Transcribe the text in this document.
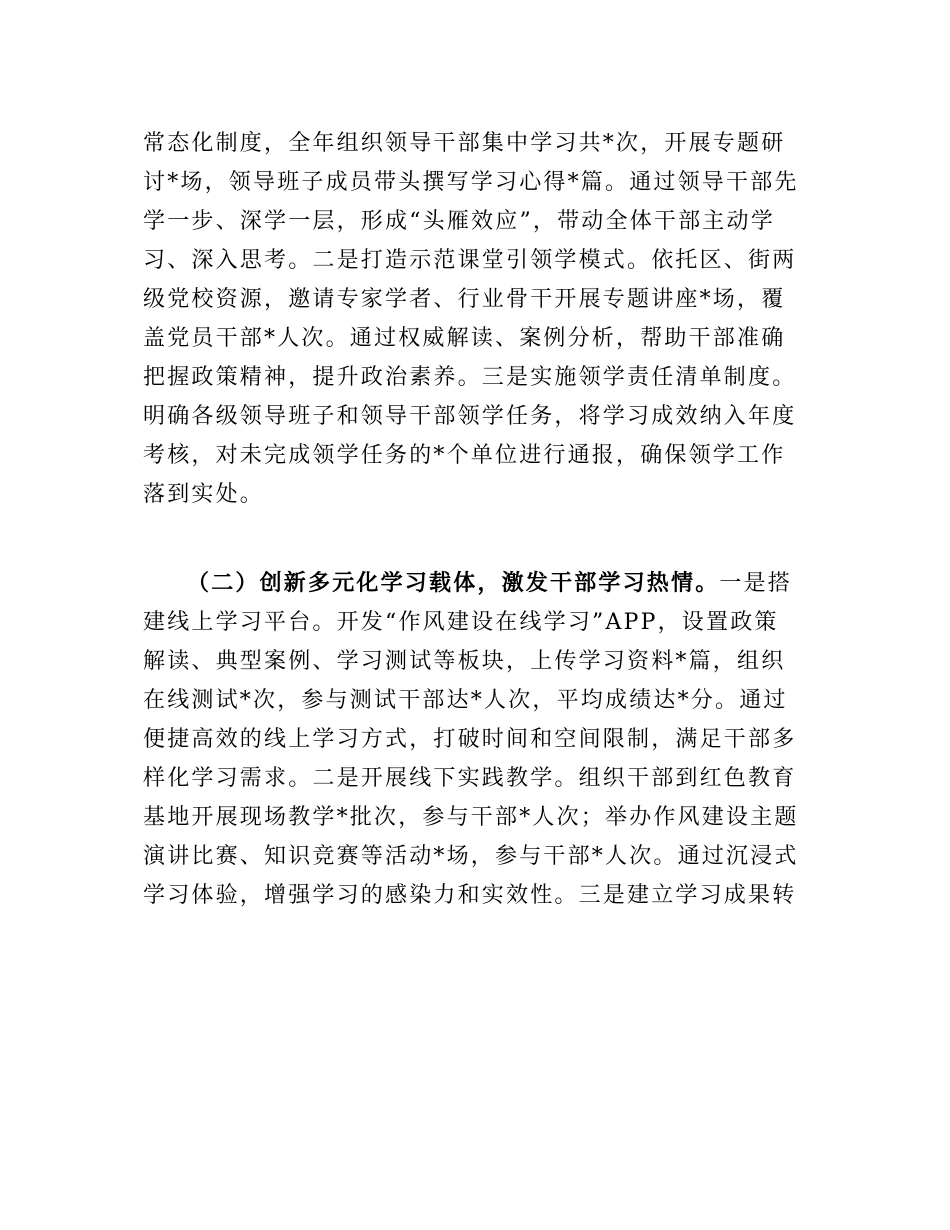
常态化制度，全年组织领导干部集中学习共*次，开展专题研
讨*场，领导班子成员带头撰写学习心得*篇。通过领导干部先
学一步、深学一层，形成“头雁效应”，带动全体干部主动学
习、深入思考。二是打造示范课堂引领学模式。依托区、街两
级党校资源，邀请专家学者、行业骨干开展专题讲座*场，覆
盖党员干部*人次。通过权威解读、案例分析，帮助干部准确
把握政策精神，提升政治素养。三是实施领学责任清单制度。
明确各级领导班子和领导干部领学任务，将学习成效纳入年度
考核，对未完成领学任务的*个单位进行通报，确保领学工作
落到实处。
（二）创新多元化学习载体，激发干部学习热情。一是搭
建线上学习平台。开发“作风建设在线学习”APP，设置政策
解读、典型案例、学习测试等板块，上传学习资料*篇，组织
在线测试*次，参与测试干部达*人次，平均成绩达*分。通过
便捷高效的线上学习方式，打破时间和空间限制，满足干部多
样化学习需求。二是开展线下实践教学。组织干部到红色教育
基地开展现场教学*批次，参与干部*人次；举办作风建设主题
演讲比赛、知识竞赛等活动*场，参与干部*人次。通过沉浸式
学习体验，增强学习的感染力和实效性。三是建立学习成果转
